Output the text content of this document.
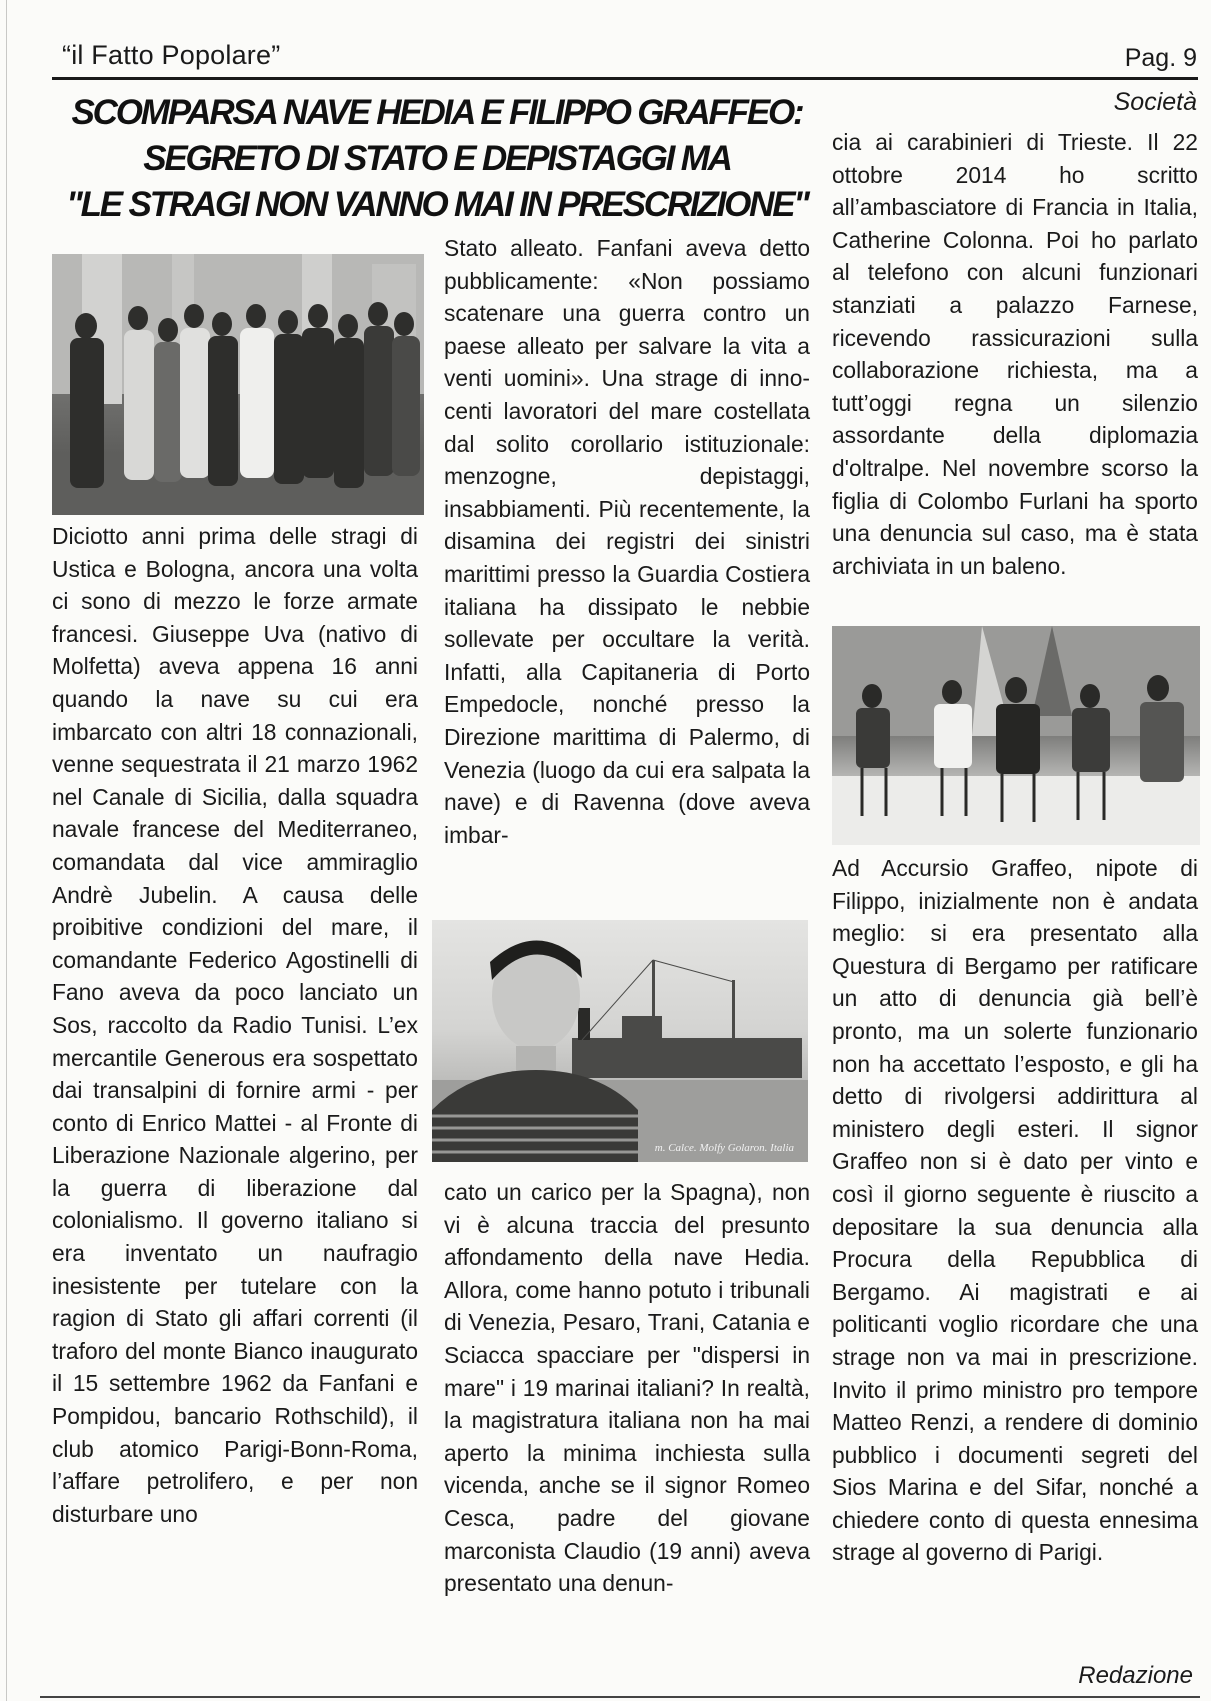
“il Fatto Popolare”	Pag. 9
Società
SCOMPARSA NAVE HEDIA E FILIPPO GRAFFEO:
SEGRETO DI STATO E DEPISTAGGI MA
"LE STRAGI NON VANNO MAI IN PRESCRIZIONE"

Diciotto anni prima delle stragi di Ustica e Bologna, ancora una volta ci sono di mezzo le forze armate francesi. Giuseppe Uva (nativo di Molfetta) aveva appena 16 anni quando la nave su cui era imbarcato con altri 18 connazionali, venne sequestrata il 21 marzo 1962 nel Canale di Sicilia, dalla squadra navale francese del Mediterraneo, comandata dal vice ammiraglio Andrè Jubelin. A causa delle proibitive condizioni del mare, il comandante Federico Agostinelli di Fano aveva da poco lanciato un Sos, raccolto da Radio Tunisi. L’ex mercantile Generous era sospettato dai transalpini di fornire armi - per conto di Enrico Mattei - al Fronte di Liberazione Nazionale algerino, per la guerra di liberazione dal colonialismo. Il governo italiano si era inventato un naufragio inesistente per tutelare con la ragion di Stato gli affari correnti (il traforo del monte Bianco inaugurato il 15 settembre 1962 da Fanfani e Pompidou, bancario Rothschild), il club atomico Parigi-Bonn-Roma, l’affare petrolifero, e per non disturbare uno

Stato alleato. Fanfani aveva detto pubblicamente: «Non possiamo scatenare una guerra contro un paese alleato per salvare la vita a venti uomini». Una strage di innocenti lavoratori del mare costellata dal solito corollario istituzionale: menzogne, depistaggi, insabbiamenti. Più recentemente, la disamina dei registri dei sinistri marittimi presso la Guardia Costiera italiana ha dissipato le nebbie sollevate per occultare la verità. Infatti, alla Capitaneria di Porto Empedocle, nonché presso la Direzione marittima di Palermo, di Venezia (luogo da cui era salpata la nave) e di Ravenna (dove aveva imbar-

m. Calce. Molfy Golaron. Italia

cato un carico per la Spagna), non vi è alcuna traccia del presunto affondamento della nave Hedia. Allora, come hanno potuto i tribunali di Venezia, Pesaro, Trani, Catania e Sciacca spacciare per "dispersi in mare" i 19 marinai italiani? In realtà, la magistratura italiana non ha mai aperto la minima inchiesta sulla vicenda, anche se il signor Romeo Cesca, padre del giovane marconista Claudio (19 anni) aveva presentato una denun-

cia ai carabinieri di Trieste. Il 22 ottobre 2014 ho scritto all’ambasciatore di Francia in Italia, Catherine Colonna. Poi ho parlato al telefono con alcuni funzionari stanziati a palazzo Farnese, ricevendo rassicurazioni sulla collaborazione richiesta, ma a tutt’oggi regna un silenzio assordante della diplomazia d'oltralpe. Nel novembre scorso la figlia di Colombo Furlani ha sporto una denuncia sul caso, ma è stata archiviata in un baleno.

Ad Accursio Graffeo, nipote di Filippo, inizialmente non è andata meglio: si era presentato alla Questura di Bergamo per ratificare un atto di denuncia già bell’è pronto, ma un solerte funzionario non ha accettato l’esposto, e gli ha detto di rivolgersi addirittura al ministero degli esteri. Il signor Graffeo non si è dato per vinto e così il giorno seguente è riuscito a depositare la sua denuncia alla Procura della Repubblica di Bergamo. Ai magistrati e ai politicanti voglio ricordare che una strage non va mai in prescrizione. Invito il primo ministro pro tempore Matteo Renzi, a rendere di dominio pubblico i documenti segreti del Sios Marina e del Sifar, nonché a chiedere conto di questa ennesima strage al governo di Parigi.

Redazione
